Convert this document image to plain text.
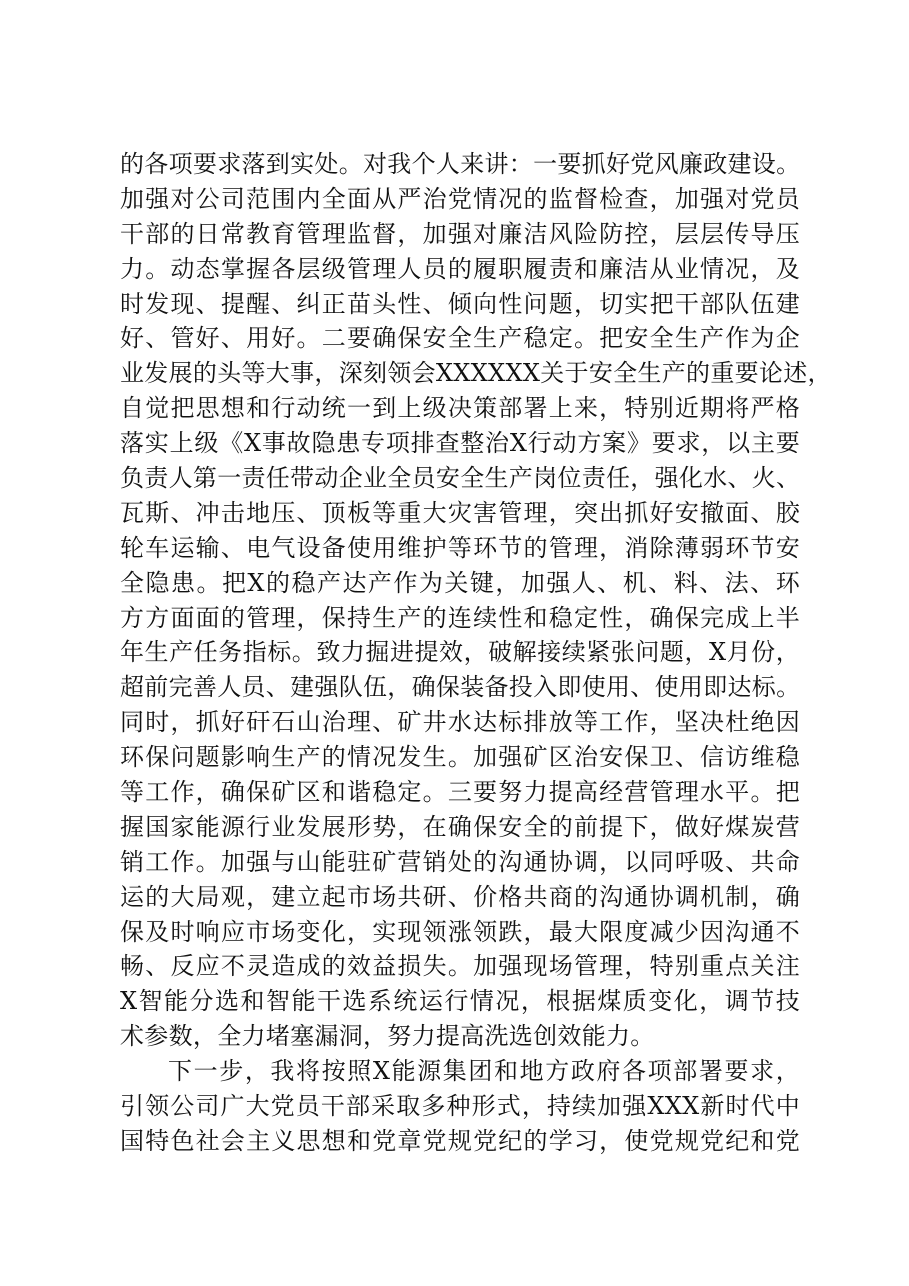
的各项要求落到实处。对我个人来讲：一要抓好党风廉政建设。
加强对公司范围内全面从严治党情况的监督检查，加强对党员
干部的日常教育管理监督，加强对廉洁风险防控，层层传导压
力。动态掌握各层级管理人员的履职履责和廉洁从业情况，及
时发现、提醒、纠正苗头性、倾向性问题，切实把干部队伍建
好、管好、用好。二要确保安全生产稳定。把安全生产作为企
业发展的头等大事，深刻领会XXXXXX关于安全生产的重要论述，
自觉把思想和行动统一到上级决策部署上来，特别近期将严格
落实上级《X事故隐患专项排查整治X行动方案》要求，以主要
负责人第一责任带动企业全员安全生产岗位责任，强化水、火、
瓦斯、冲击地压、顶板等重大灾害管理，突出抓好安撤面、胶
轮车运输、电气设备使用维护等环节的管理，消除薄弱环节安
全隐患。把X的稳产达产作为关键，加强人、机、料、法、环
方方面面的管理，保持生产的连续性和稳定性，确保完成上半
年生产任务指标。致力掘进提效，破解接续紧张问题，X月份，
超前完善人员、建强队伍，确保装备投入即使用、使用即达标。
同时，抓好矸石山治理、矿井水达标排放等工作，坚决杜绝因
环保问题影响生产的情况发生。加强矿区治安保卫、信访维稳
等工作，确保矿区和谐稳定。三要努力提高经营管理水平。把
握国家能源行业发展形势，在确保安全的前提下，做好煤炭营
销工作。加强与山能驻矿营销处的沟通协调，以同呼吸、共命
运的大局观，建立起市场共研、价格共商的沟通协调机制，确
保及时响应市场变化，实现领涨领跌，最大限度减少因沟通不
畅、反应不灵造成的效益损失。加强现场管理，特别重点关注
X智能分选和智能干选系统运行情况，根据煤质变化，调节技
术参数，全力堵塞漏洞，努力提高洗选创效能力。
下一步，我将按照X能源集团和地方政府各项部署要求，
引领公司广大党员干部采取多种形式，持续加强XXX新时代中
国特色社会主义思想和党章党规党纪的学习，使党规党纪和党
